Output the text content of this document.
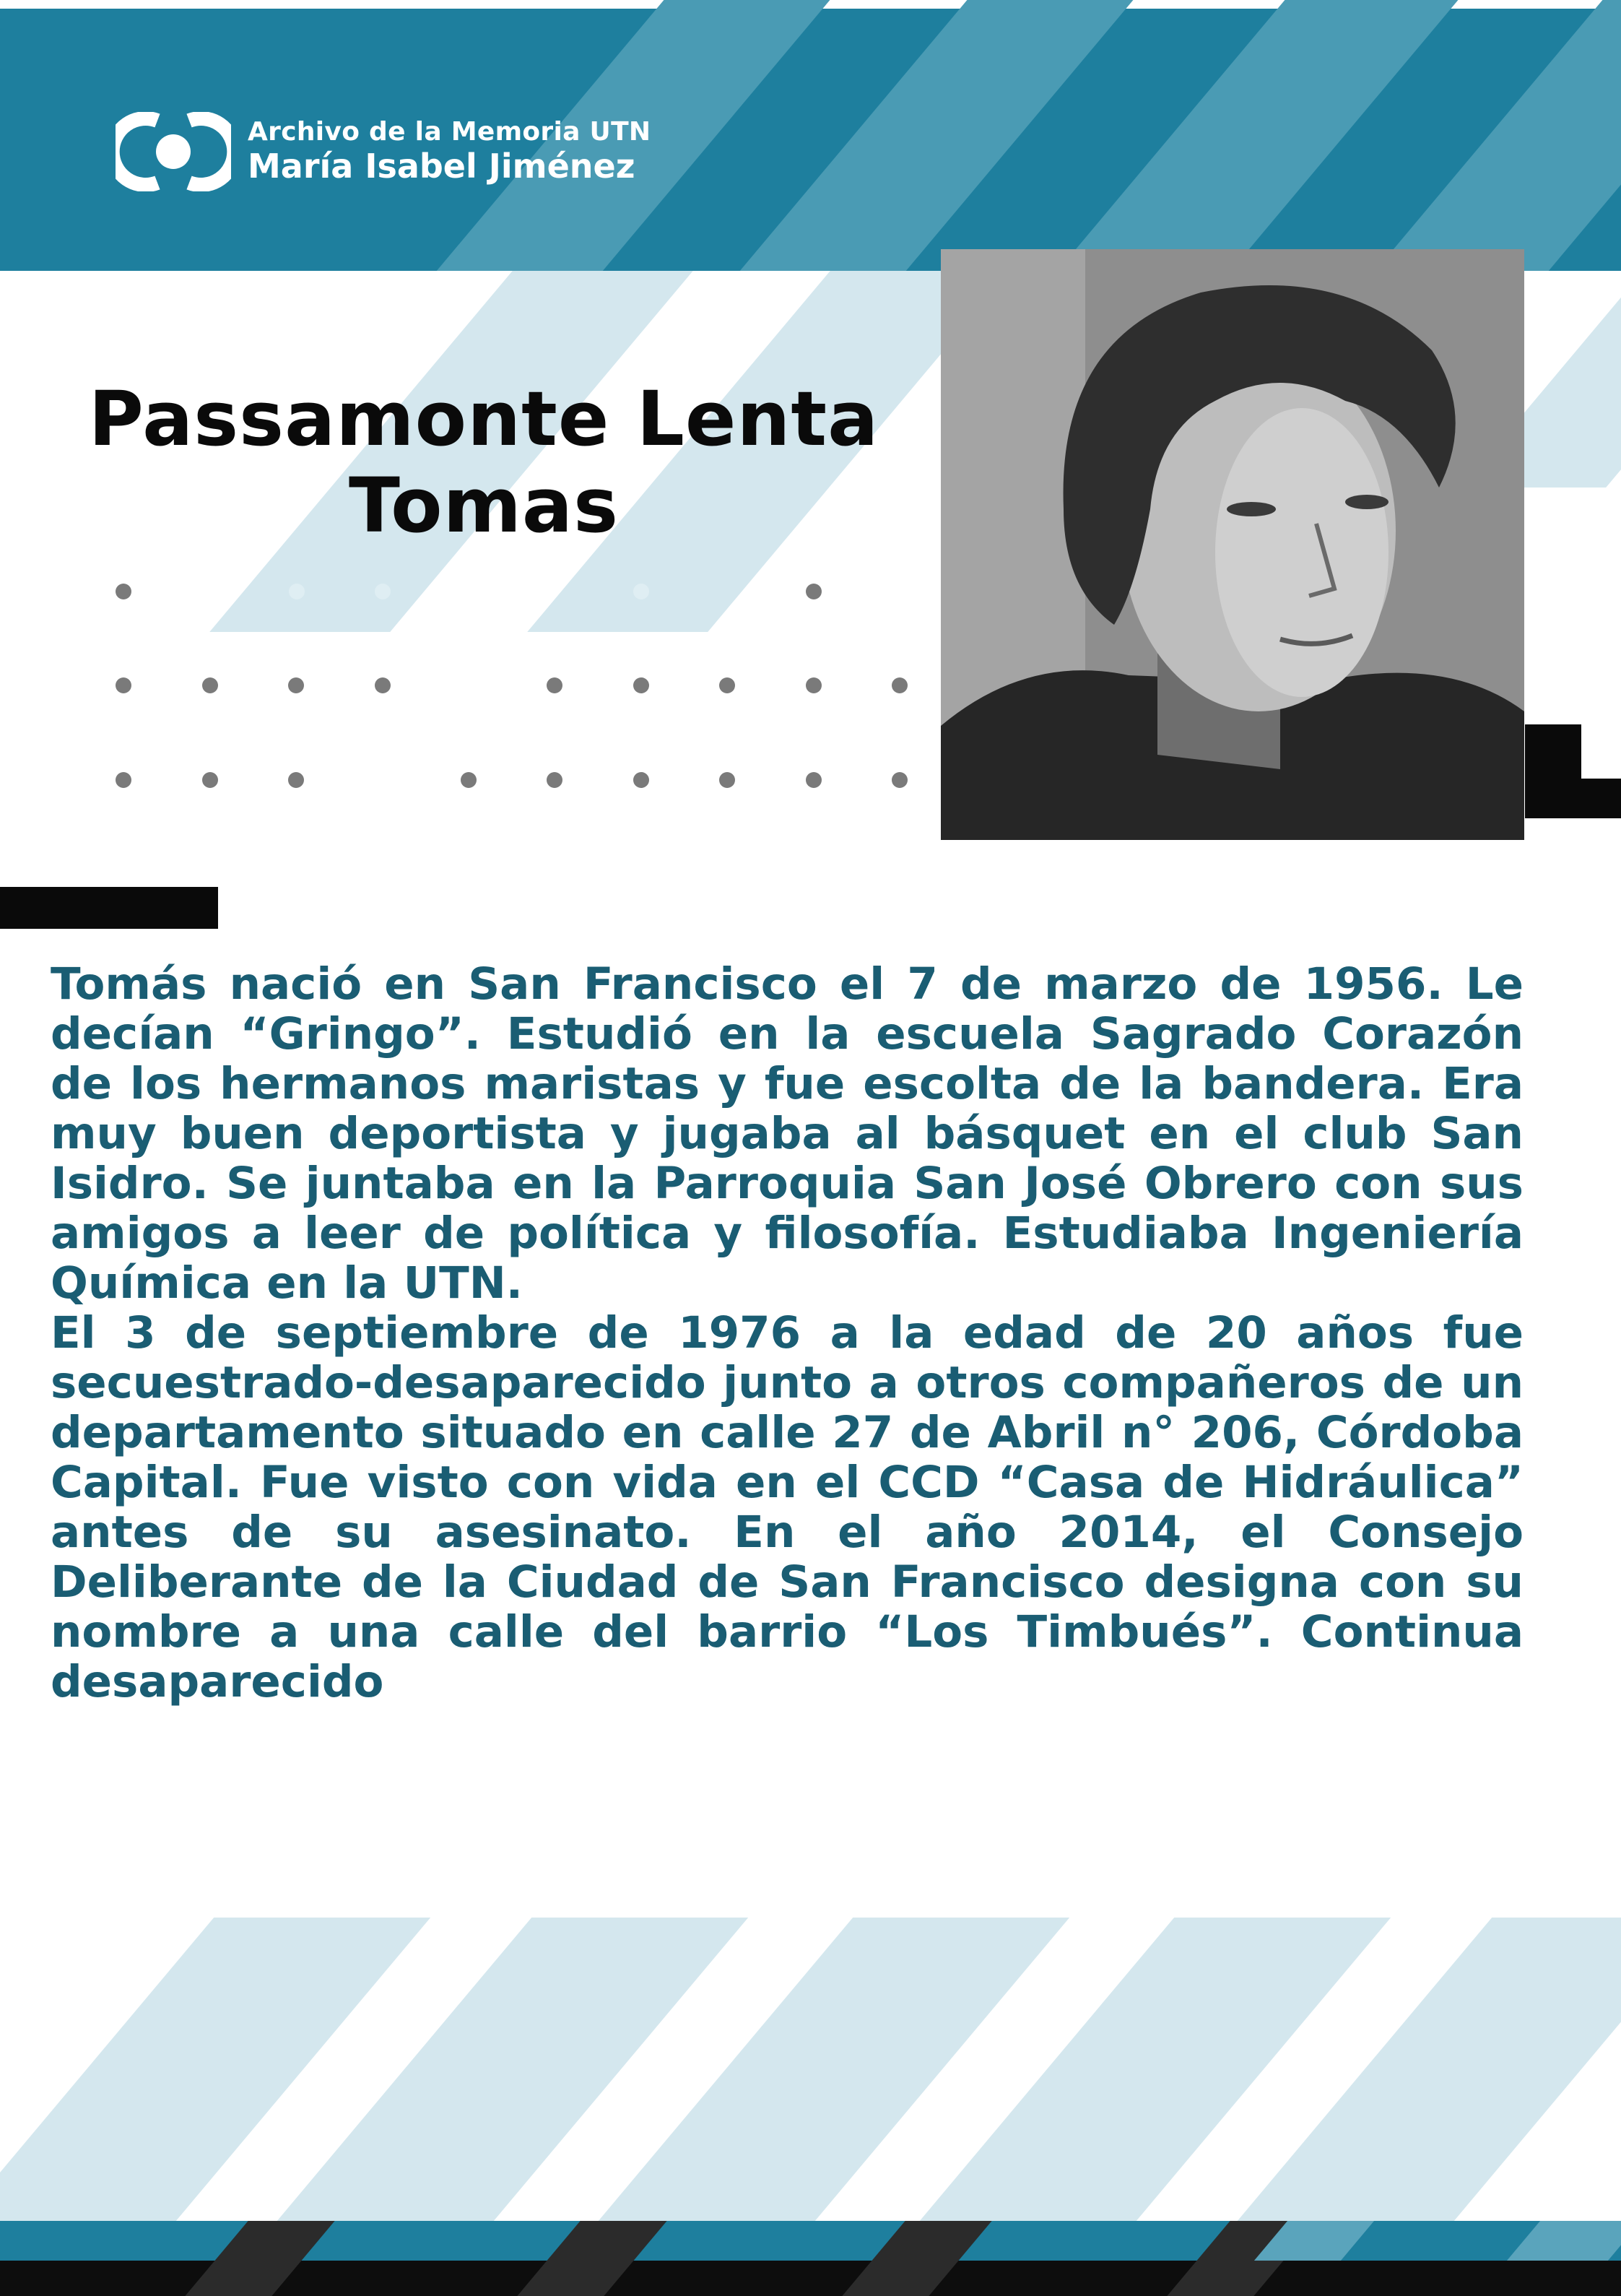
Archivo de la Memoria UTN
María Isabel Jiménez
Passamonte Lenta
Tomas

Tomás nació en San Francisco el 7 de marzo de 1956. Le decían “Gringo”. Estudió en la escuela Sagrado Corazón de los hermanos maristas y fue escolta de la bandera. Era muy buen deportista y jugaba al básquet en el club San Isidro. Se juntaba en la Parroquia San José Obrero con sus amigos a leer de política y filosofía. Estudiaba Ingeniería Química en la UTN.

El 3 de septiembre de 1976 a la edad de 20 años fue secuestrado-desaparecido junto a otros compañeros de un departamento situado en calle 27 de Abril n° 206, Córdoba Capital. Fue visto con vida en el CCD “Casa de Hidráulica” antes de su asesinato. En el año 2014, el Consejo Deliberante de la Ciudad de San Francisco designa con su nombre a una calle del barrio “Los Timbués”. Continua desaparecido
